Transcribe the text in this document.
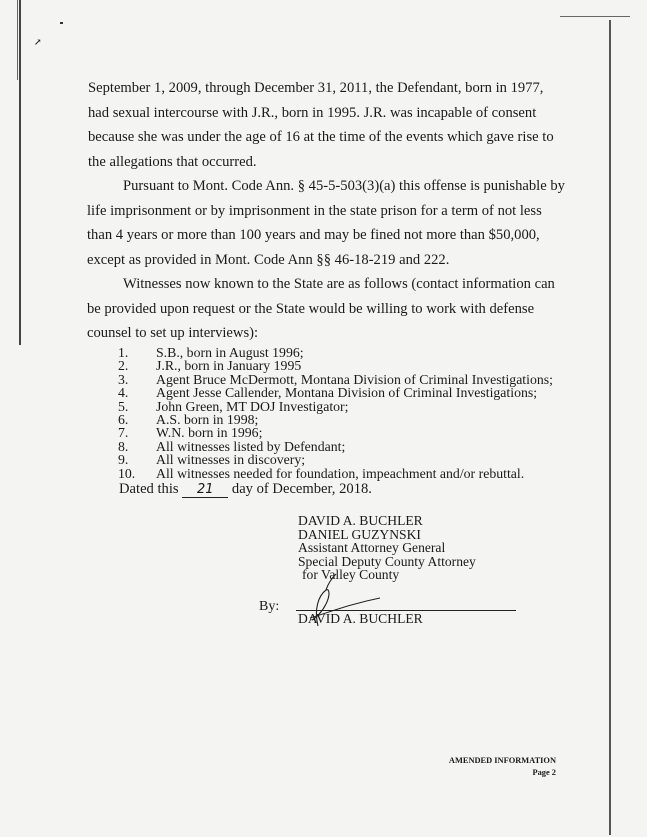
↗

September 1, 2009, through December 31, 2011, the Defendant, born in 1977, had sexual intercourse with J.R., born in 1995. J.R. was incapable of consent because she was under the age of 16 at the time of the events which gave rise to the allegations that occurred.

Pursuant to Mont. Code Ann. § 45-5-503(3)(a) this offense is punishable by life imprisonment or by imprisonment in the state prison for a term of not less than 4 years or more than 100 years and may be fined not more than $50,000, except as provided in Mont. Code Ann §§ 46-18-219 and 222.

Witnesses now known to the State are as follows (contact information can be provided upon request or the State would be willing to work with defense counsel to set up interviews):

1.	S.B., born in August 1996;
2.	J.R., born in January 1995
3.	Agent Bruce McDermott, Montana Division of Criminal Investigations;
4.	Agent Jesse Callender, Montana Division of Criminal Investigations;
5.	John Green, MT DOJ Investigator;
6.	A.S. born in 1998;
7.	W.N. born in 1996;
8.	All witnesses listed by Defendant;
9.	All witnesses in discovery;
10.	All witnesses needed for foundation, impeachment and/or rebuttal.

Dated this 21 day of December, 2018.

DAVID A. BUCHLER
DANIEL GUZYNSKI
Assistant Attorney General
Special Deputy County Attorney
for Valley County
By:
DAVID A. BUCHLER
AMENDED INFORMATION
Page 2
